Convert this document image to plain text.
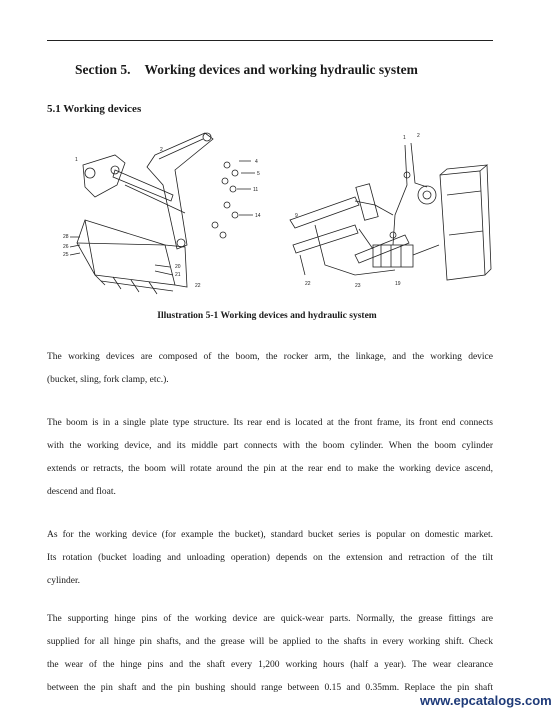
Section 5. Working devices and working hydraulic system
5.1 Working devices
28
26
25
4
5
11
14
20
21
1
2
22
1 2
9
22	23	19
Illustration 5-1 Working devices and hydraulic system
The working devices are composed of the boom, the rocker arm, the linkage, and the working device
(bucket, sling, fork clamp, etc.).
The boom is in a single plate type structure. Its rear end is located at the front frame, its front end connects
with the working device, and its middle part connects with the boom cylinder. When the boom cylinder
extends or retracts, the boom will rotate around the pin at the rear end to make the working device ascend,
descend and float.
As for the working device (for example the bucket), standard bucket series is popular on domestic market.
Its rotation (bucket loading and unloading operation) depends on the extension and retraction of the tilt
cylinder.
The supporting hinge pins of the working device are quick-wear parts. Normally, the grease fittings are
supplied for all hinge pin shafts, and the grease will be applied to the shafts in every working shift. Check
the wear of the hinge pins and the shaft every 1,200 working hours (half a year). The wear clearance
between the pin shaft and the pin bushing should range between 0.15 and 0.35mm. Replace the pin shaft
www.epcatalogs.com
